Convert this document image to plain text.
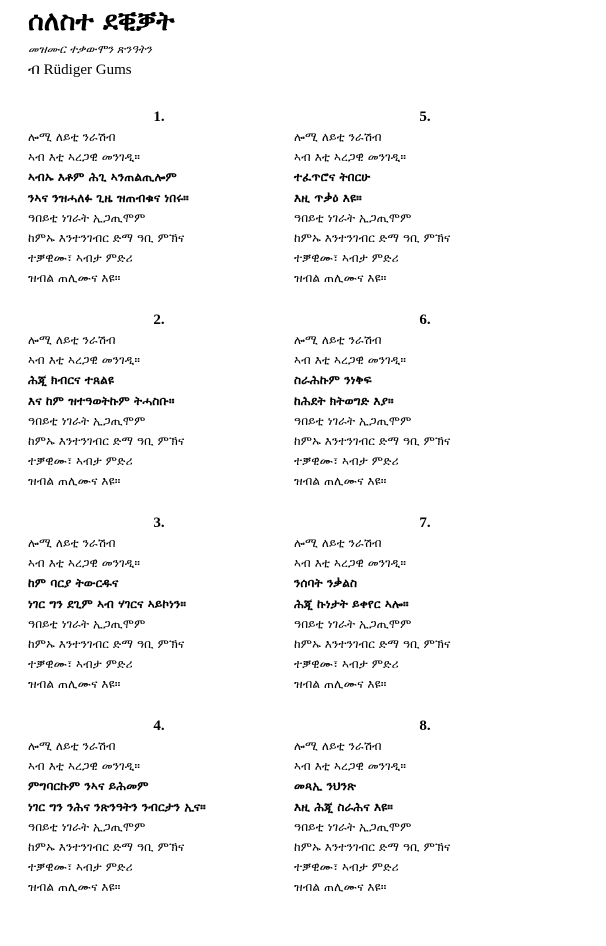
ሰለስተ ደቒቓት
መዝሙር ተቃውሞን ጽንዓትን
ብ Rüdiger Gums
1.
ሎሚ ለይቲ ንራሽብ
ኣብ እቲ ኣረጋዊ መንገዲ።
ኣብኡ እቶም ሕጊ ኣንጠልጢሎም
ንኣና ንዝሓለፉ ጊዜ ዝጠብቁና ነበሩ።
ዓበይቲ ነገራት ኢጋጢሞም
ከምኡ እንተንገብር ድማ ዓቢ ምኽና
ተቓዊሙ፣ ኣብታ ምድሪ
ዝብል ጠሊሙና እዩ።
2.
ሎሚ ለይቲ ንራሽብ
ኣብ እቲ ኣረጋዊ መንገዲ።
ሕጂ ክብርና ተጸልዩ
እና ከም ዝተዓወትኩም ትሓስቡ።
ዓበይቲ ነገራት ኢጋጢሞም
ከምኡ እንተንገብር ድማ ዓቢ ምኽና
ተቓዊሙ፣ ኣብታ ምድሪ
ዝብል ጠሊሙና እዩ።
3.
ሎሚ ለይቲ ንራሽብ
ኣብ እቲ ኣረጋዊ መንገዲ።
ከም ባርያ ትውርዱና
ነገር ግን ደጊም ኣብ ሃገርና ኣይኮነን።
ዓበይቲ ነገራት ኢጋጢሞም
ከምኡ እንተንገብር ድማ ዓቢ ምኽና
ተቓዊሙ፣ ኣብታ ምድሪ
ዝብል ጠሊሙና እዩ።
4.
ሎሚ ለይቲ ንራሽብ
ኣብ እቲ ኣረጋዊ መንገዲ።
ምግባርኩም ንኣና ይሕመም
ነገር ግን ንሕና ንጽንዓትን ንብርታን ኢና።
ዓበይቲ ነገራት ኢጋጢሞም
ከምኡ እንተንገብር ድማ ዓቢ ምኽና
ተቓዊሙ፣ ኣብታ ምድሪ
ዝብል ጠሊሙና እዩ።
5.
ሎሚ ለይቲ ንራሽብ
ኣብ እቲ ኣረጋዊ መንገዲ።
ተፈጥሮና ትበርሁ
እዚ ጥቃዕ እዩ።
ዓበይቲ ነገራት ኢጋጢሞም
ከምኡ እንተንገብር ድማ ዓቢ ምኽና
ተቓዊሙ፣ ኣብታ ምድሪ
ዝብል ጠሊሙና እዩ።
6.
ሎሚ ለይቲ ንራሽብ
ኣብ እቲ ኣረጋዊ መንገዲ።
ስራሕኩም ንነቅፍ
ከሕደት ክትወግድ እያ።
ዓበይቲ ነገራት ኢጋጢሞም
ከምኡ እንተንገብር ድማ ዓቢ ምኽና
ተቓዊሙ፣ ኣብታ ምድሪ
ዝብል ጠሊሙና እዩ።
7.
ሎሚ ለይቲ ንራሽብ
ኣብ እቲ ኣረጋዊ መንገዲ።
ንሰባት ንቃልስ
ሕጂ ኩነታት ይቀየር ኣሎ።
ዓበይቲ ነገራት ኢጋጢሞም
ከምኡ እንተንገብር ድማ ዓቢ ምኽና
ተቓዊሙ፣ ኣብታ ምድሪ
ዝብል ጠሊሙና እዩ።
8.
ሎሚ ለይቲ ንራሽብ
ኣብ እቲ ኣረጋዊ መንገዲ።
መጻኢ ንህንጽ
እዚ ሕጂ ስራሕና እዩ።
ዓበይቲ ነገራት ኢጋጢሞም
ከምኡ እንተንገብር ድማ ዓቢ ምኽና
ተቓዊሙ፣ ኣብታ ምድሪ
ዝብል ጠሊሙና እዩ።
